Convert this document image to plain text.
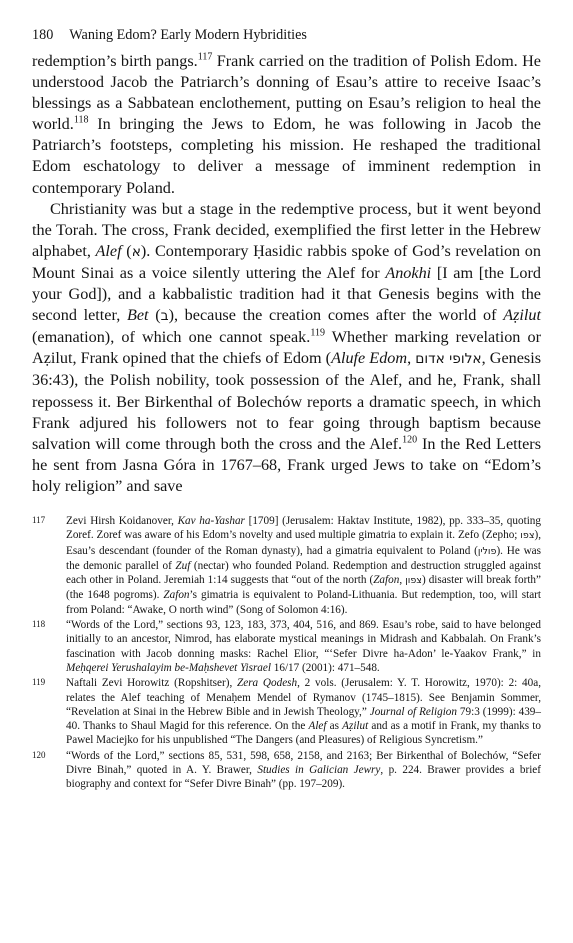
180 Waning Edom? Early Modern Hybridities

redemption’s birth pangs.$^{117}$ Frank carried on the tradition of Polish Edom. He understood Jacob the Patriarch’s donning of Esau’s attire to receive Isaac’s blessings as a Sabbatean enclothement, putting on Esau’s religion to heal the world.$^{118}$ In bringing the Jews to Edom, he was following in Jacob the Patriarch’s footsteps, completing his mission. He reshaped the traditional Edom eschatology to deliver a message of imminent redemption in contemporary Poland.

Christianity was but a stage in the redemptive process, but it went beyond the Torah. The cross, Frank decided, exemplified the first letter in the Hebrew alphabet, Alef (א). Contemporary Ḥasidic rabbis spoke of God’s revelation on Mount Sinai as a voice silently uttering the Alef for Anokhi [I am [the Lord your God]), and a kabbalistic tradition had it that Genesis begins with the second letter, Bet (ב), because the creation comes after the world of Aẓilut (emanation), of which one cannot speak.$^{119}$ Whether marking revelation or Aẓilut, Frank opined that the chiefs of Edom (Alufe Edom, אלופי אדום, Genesis 36:43), the Polish nobility, took possession of the Alef, and he, Frank, shall repossess it. Ber Birkenthal of Bolechów reports a dramatic speech, in which Frank adjured his followers not to fear going through baptism because salvation will come through both the cross and the Alef.$^{120}$ In the Red Letters he sent from Jasna Góra in 1767–68, Frank urged Jews to take on “Edom’s holy religion” and save

117 Zevi Hirsh Koidanover, Kav ha-Yashar [1709] (Jerusalem: Haktav Institute, 1982), pp. 333–35, quoting Zoref. Zoref was aware of his Edom’s novelty and used multiple gimatria to explain it. Zefo (Zepho; צפו), Esau’s descendant (founder of the Roman dynasty), had a gimatria equivalent to Poland (פולין). He was the demonic parallel of Zuf (nectar) who founded Poland. Redemption and destruction struggled against each other in Poland. Jeremiah 1:14 suggests that “out of the north (Zafon, צפון) disaster will break forth” (the 1648 pogroms). Zafon’s gimatria is equivalent to Poland-Lithuania. But redemption, too, will start from Poland: “Awake, O north wind” (Song of Solomon 4:16).
118 “Words of the Lord,” sections 93, 123, 183, 373, 404, 516, and 869. Esau’s robe, said to have belonged initially to an ancestor, Nimrod, has elaborate mystical meanings in Midrash and Kabbalah. On Frank’s fascination with Jacob donning masks: Rachel Elior, “‘Sefer Divre ha-Adon’ le-Yaakov Frank,” in Meḥqerei Yerushalayim be-Maḥshevet Yisrael 16/17 (2001): 471–548.
119 Naftali Zevi Horowitz (Ropshitser), Zera Qodesh, 2 vols. (Jerusalem: Y. T. Horowitz, 1970): 2: 40a, relates the Alef teaching of Menaḥem Mendel of Rymanov (1745–1815). See Benjamin Sommer, “Revelation at Sinai in the Hebrew Bible and in Jewish Theology,” Journal of Religion 79:3 (1999): 439–40. Thanks to Shaul Magid for this reference. On the Alef as Aẓilut and as a motif in Frank, my thanks to Pawel Maciejko for his unpublished “The Dangers (and Pleasures) of Religious Syncretism.”
120 “Words of the Lord,” sections 85, 531, 598, 658, 2158, and 2163; Ber Birkenthal of Bolechów, “Sefer Divre Binah,” quoted in A. Y. Brawer, Studies in Galician Jewry, p. 224. Brawer provides a brief biography and context for “Sefer Divre Binah” (pp. 197–209).
